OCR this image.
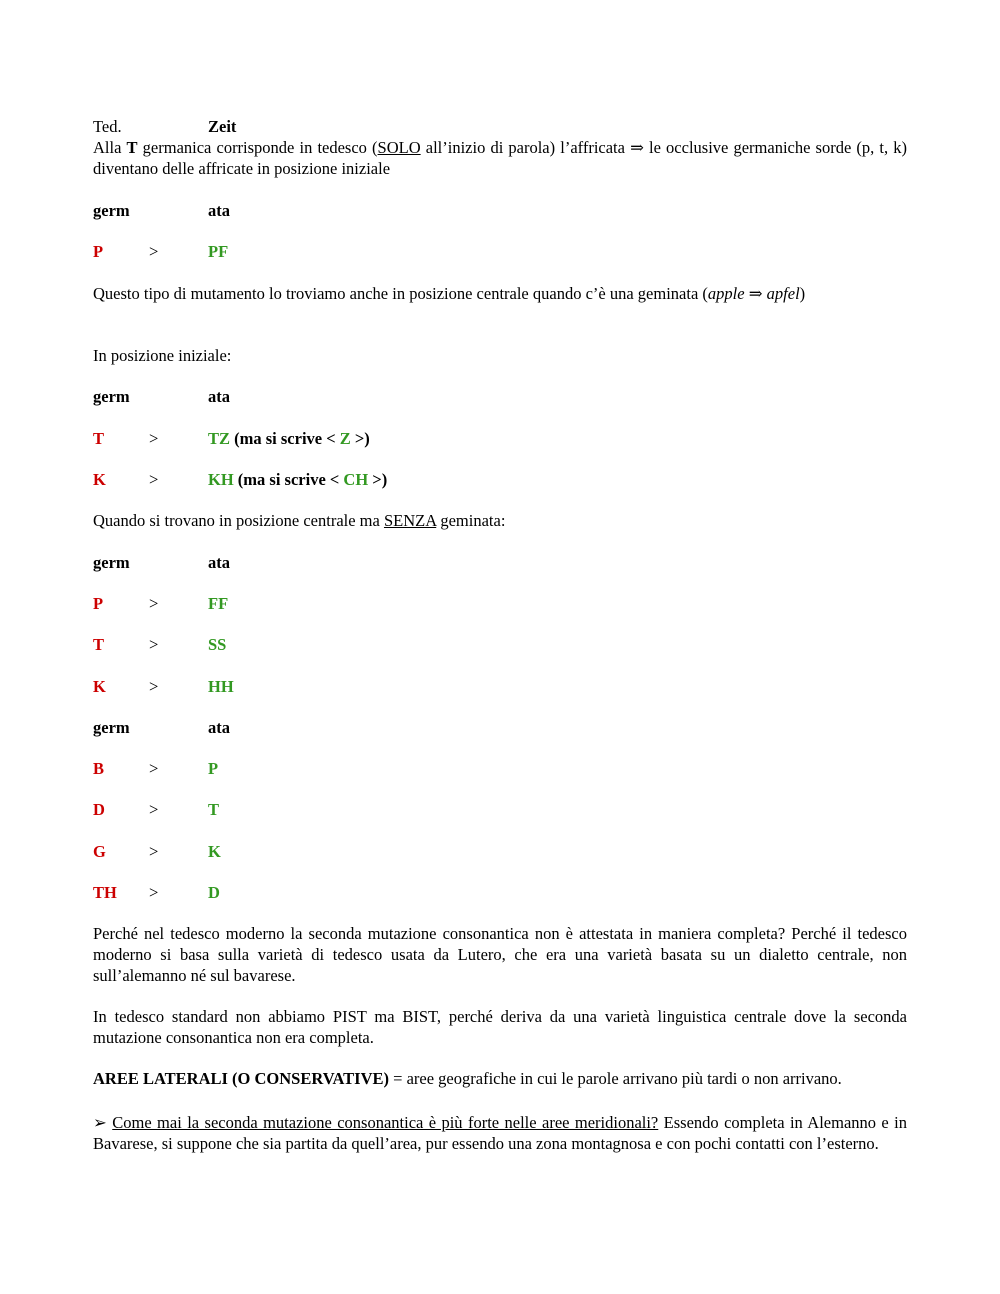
Ted.	Zeit
Alla T germanica corrisponde in tedesco (SOLO all’inizio di parola) l’affricata ⇒ le occlusive germaniche sorde (p, t, k) diventano delle affricate in posizione iniziale
germ	ata
P	>	PF
Questo tipo di mutamento lo troviamo anche in posizione centrale quando c’è una geminata (apple ⇒ apfel)
In posizione iniziale:
germ	ata
T	>	TZ (ma si scrive < Z >)
K	>	KH (ma si scrive < CH >)
Quando si trovano in posizione centrale ma SENZA geminata:
germ	ata
P	>	FF
T	>	SS
K	>	HH
germ	ata
B	>	P
D	>	T
G	>	K
TH >	D
Perché nel tedesco moderno la seconda mutazione consonantica non è attestata in maniera completa? Perché il tedesco moderno si basa sulla varietà di tedesco usata da Lutero, che era una varietà basata su un dialetto centrale, non sull’alemanno né sul bavarese.
In tedesco standard non abbiamo PIST ma BIST, perché deriva da una varietà linguistica centrale dove la seconda mutazione consonantica non era completa.
AREE LATERALI (O CONSERVATIVE) = aree geografiche in cui le parole arrivano più tardi o non arrivano.
➢ Come mai la seconda mutazione consonantica è più forte nelle aree meridionali? Essendo completa in Alemanno e in Bavarese, si suppone che sia partita da quell’area, pur essendo una zona montagnosa e con pochi contatti con l’esterno.
